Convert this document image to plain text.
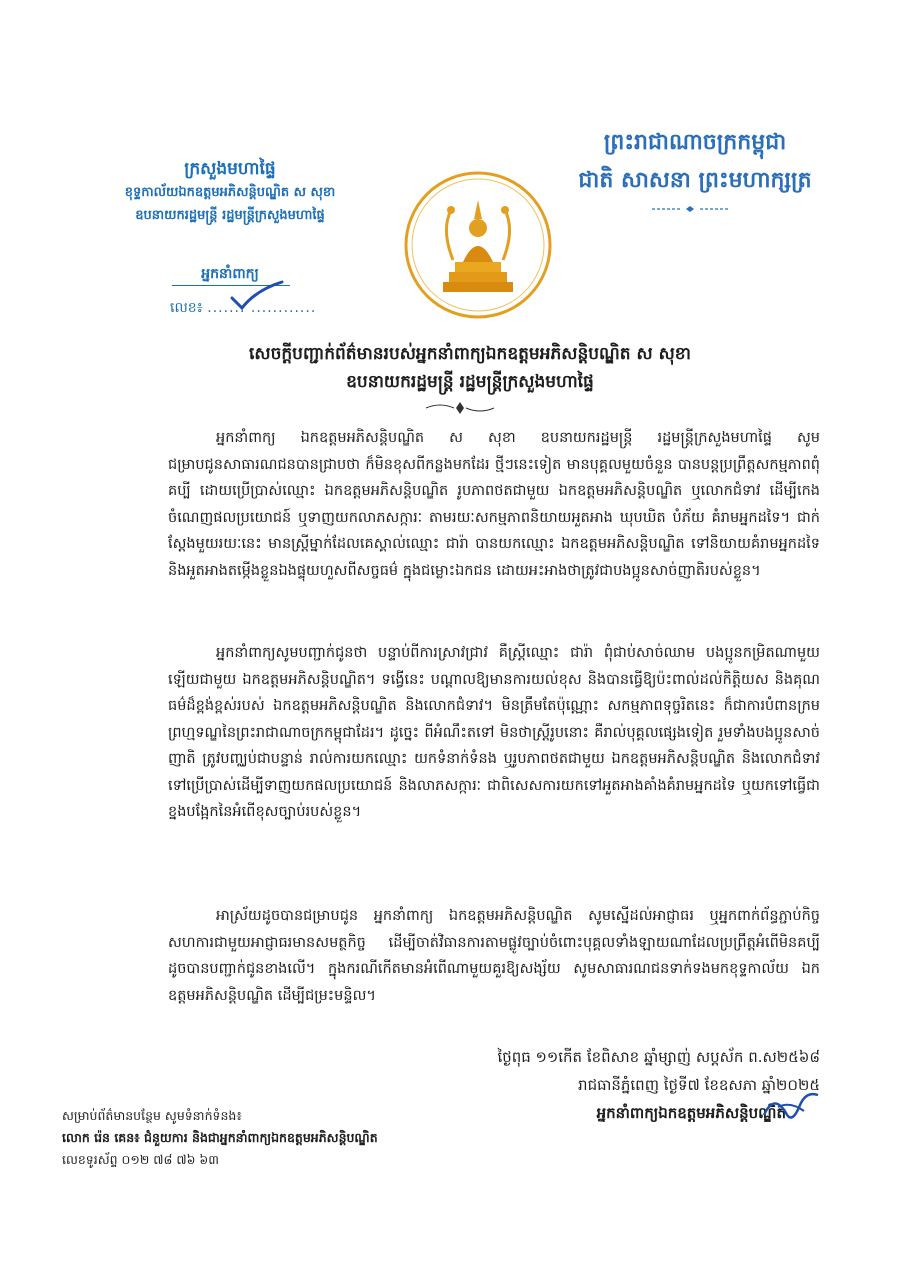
ក្រសួងមហាផ្ទៃ
ខុទ្ទកាល័យឯកឧត្តមអភិសន្តិបណ្ឌិត ស សុខា
ឧបនាយករដ្ឋមន្ត្រី រដ្ឋមន្ត្រីក្រសួងមហាផ្ទៃ
អ្នកនាំពាក្យ
លេខ៖ ....... ............
ព្រះរាជាណាចក្រកម្ពុជា
ជាតិ សាសនា ព្រះមហាក្សត្រ
សេចក្តីបញ្ជាក់ព័ត៌មានរបស់អ្នកនាំពាក្យឯកឧត្តមអភិសន្តិបណ្ឌិត ស សុខា
ឧបនាយករដ្ឋមន្ត្រី រដ្ឋមន្ត្រីក្រសួងមហាផ្ទៃ

អ្នកនាំពាក្យ ឯកឧត្តមអភិសន្តិបណ្ឌិត ស សុខា ឧបនាយករដ្ឋមន្ត្រី រដ្ឋមន្ត្រីក្រសួងមហាផ្ទៃ សូមជម្រាបជូនសាធារណជនបានជ្រាបថា ក៏មិនខុសពីកន្លងមកដែរ ថ្មីៗនេះទៀត មានបុគ្គលមួយចំនួន បានបន្តប្រព្រឹត្តសកម្មភាពពុំគប្បី ដោយប្រើប្រាស់ឈ្មោះ ឯកឧត្តមអភិសន្តិបណ្ឌិត រូបភាពថតជាមួយ ឯកឧត្តមអភិសន្តិបណ្ឌិត ឬលោកជំទាវ ដើម្បីកេងចំណេញផលប្រយោជន៍ ឬទាញយកលាភសក្ការៈ តាមរយៈសកម្មភាពនិយាយអួតអាង ឃុបឃិត បំភ័យ គំរាមអ្នកដទៃ។ ជាក់ស្តែងមួយរយៈនេះ មានស្ត្រីម្នាក់ដែលគេស្គាល់ឈ្មោះ ជារ៉ា បានយកឈ្មោះ ឯកឧត្តមអភិសន្តិបណ្ឌិត ទៅនិយាយគំរាមអ្នកដទៃ និងអួតអាងតម្កើងខ្លួនឯងផ្ទុយហួសពីសច្ចធម៌ ក្នុងជម្លោះឯកជន ដោយអះអាងថាត្រូវជាបងប្អូនសាច់ញាតិរបស់ខ្លួន។

អ្នកនាំពាក្យសូមបញ្ជាក់ជូនថា បន្ទាប់ពីការស្រាវជ្រាវ គឺស្ត្រីឈ្មោះ ជារ៉ា ពុំជាប់សាច់ឈាម បងប្អូនកម្រិតណាមួយឡើយជាមួយ ឯកឧត្តមអភិសន្តិបណ្ឌិត។ ទង្វើនេះ បណ្តាលឱ្យមានការយល់ខុស និងបានធ្វើឱ្យប៉ះពាល់ដល់កិត្តិយស និងគុណធម៌ដ៏ខ្ពង់ខ្ពស់របស់ ឯកឧត្តមអភិសន្តិបណ្ឌិត និងលោកជំទាវ។ មិនត្រឹមតែប៉ុណ្ណោះ សកម្មភាពទុច្ចរិតនេះ ក៏ជាការបំពានក្រមព្រហ្មទណ្ឌនៃព្រះរាជាណាចក្រកម្ពុជាដែរ។ ដូច្នេះ ពីអំណឹះតទៅ មិនថាស្ត្រីរូបនោះ គឺរាល់បុគ្គលផ្សេងទៀត រួមទាំងបងប្អូនសាច់ញាតិ ត្រូវបញ្ឈប់ជាបន្ទាន់ រាល់ការយកឈ្មោះ យកទំនាក់ទំនង ឬរូបភាពថតជាមួយ ឯកឧត្តមអភិសន្តិបណ្ឌិត និងលោកជំទាវ ទៅប្រើប្រាស់ដើម្បីទាញយកផលប្រយោជន៍ និងលាភសក្ការៈ ជាពិសេសការយកទៅអួតអាងគាំងគំរាមអ្នកដទៃ ឬយកទៅធ្វើជាខ្នងបង្អែកនៃអំពើខុសច្បាប់របស់ខ្លួន។

អាស្រ័យដូចបានជម្រាបជូន អ្នកនាំពាក្យ ឯកឧត្តមអភិសន្តិបណ្ឌិត សូមស្នើដល់អាជ្ញាធរ ឬអ្នកពាក់ព័ន្ធភ្ជាប់កិច្ចសហការជាមួយអាជ្ញាធរមានសមត្ថកិច្ច ដើម្បីចាត់វិធានការតាមផ្លូវច្បាប់ចំពោះបុគ្គលទាំងឡាយណាដែលប្រព្រឹត្តអំពើមិនគប្បីដូចបានបញ្ជាក់ជូនខាងលើ។ ក្នុងករណីកើតមានអំពើណាមួយគួរឱ្យសង្ស័យ សូមសាធារណជនទាក់ទងមកខុទ្ទកាល័យ ឯកឧត្តមអភិសន្តិបណ្ឌិត ដើម្បីជម្រះមន្ទិល។

ថ្ងៃពុធ ១១កើត ខែពិសាខ ឆ្នាំម្សាញ់ សប្តស័ក ព.ស២៥៦៨
រាជធានីភ្នំពេញ ថ្ងៃទី៧ ខែឧសភា ឆ្នាំ២០២៥
អ្នកនាំពាក្យឯកឧត្តមអភិសន្តិបណ្ឌិត
សម្រាប់ព័ត៌មានបន្ថែម សូមទំនាក់ទំនង៖
លោក រ៉េន គេន៖ ជំនួយការ និងជាអ្នកនាំពាក្យឯកឧត្តមអភិសន្តិបណ្ឌិត
លេខទូរស័ព្ទ ០១២ ៧៨ ៧៦ ៦៣
